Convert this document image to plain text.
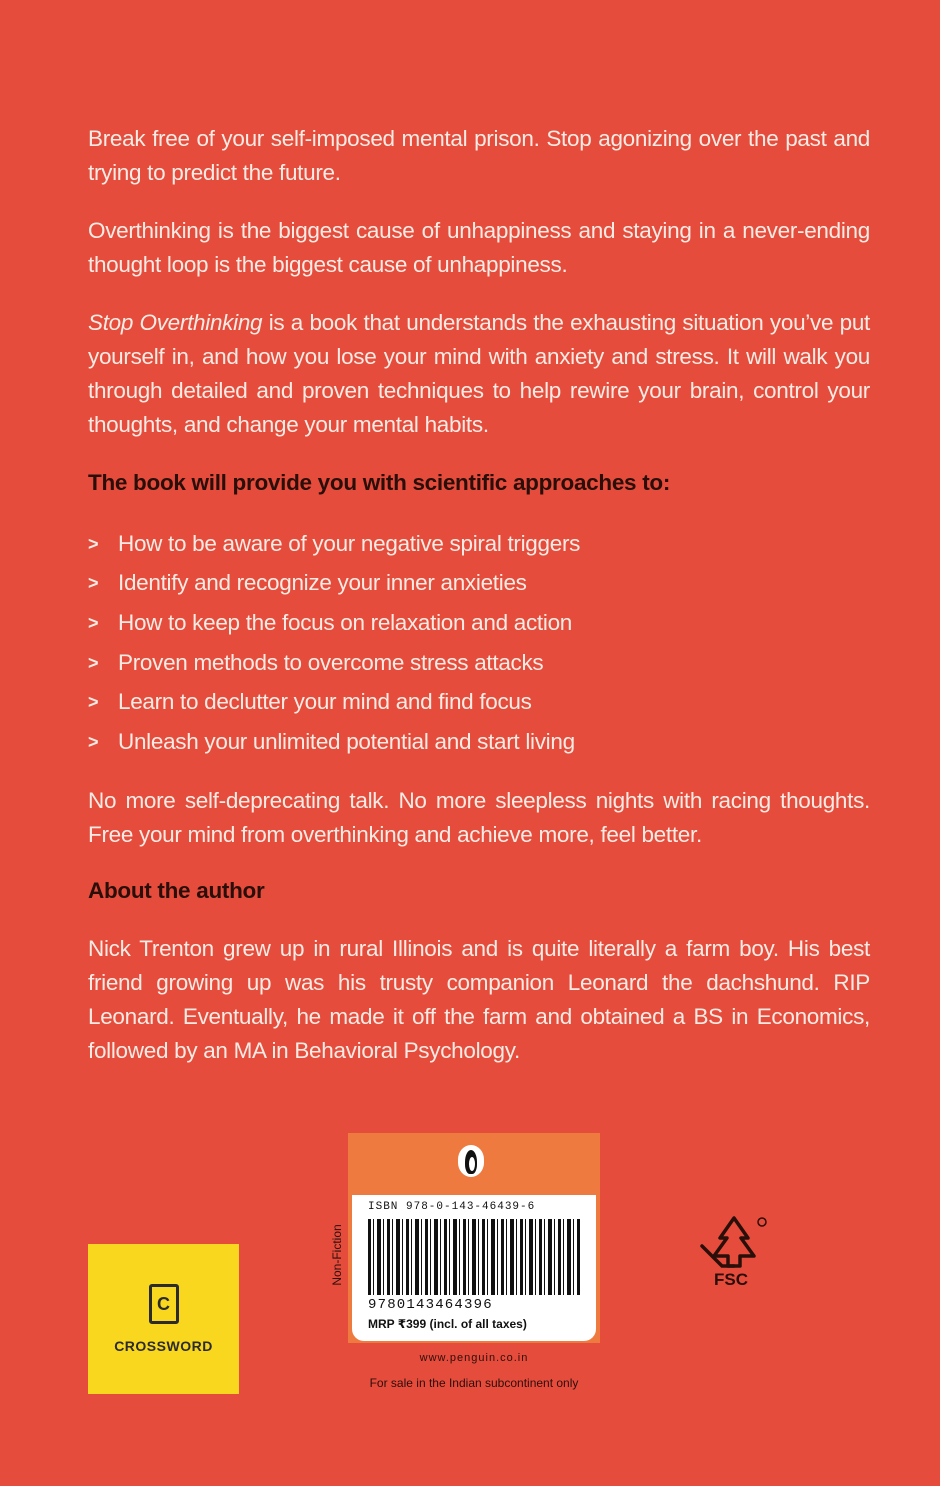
Break free of your self-imposed mental prison. Stop agonizing over the past and trying to predict the future.

Overthinking is the biggest cause of unhappiness and staying in a never-ending thought loop is the biggest cause of unhappiness.

Stop Overthinking is a book that understands the exhausting situation you’ve put yourself in, and how you lose your mind with anxiety and stress. It will walk you through detailed and proven techniques to help rewire your brain, control your thoughts, and change your mental habits.

The book will provide you with scientific approaches to:

> How to be aware of your negative spiral triggers
> Identify and recognize your inner anxieties
> How to keep the focus on relaxation and action
> Proven methods to overcome stress attacks
> Learn to declutter your mind and find focus
> Unleash your unlimited potential and start living

No more self-deprecating talk. No more sleepless nights with racing thoughts. Free your mind from overthinking and achieve more, feel better.

About the author

Nick Trenton grew up in rural Illinois and is quite literally a farm boy. His best friend growing up was his trusty companion Leonard the dachshund. RIP Leonard. Eventually, he made it off the farm and obtained a BS in Economics, followed by an MA in Behavioral Psychology.

C
CROSSWORD
Non-Fiction
ISBN 978-0-143-46439-6
9780143464396
MRP ₹399 (incl. of all taxes)
www.penguin.co.in
For sale in the Indian subcontinent only
FSC
